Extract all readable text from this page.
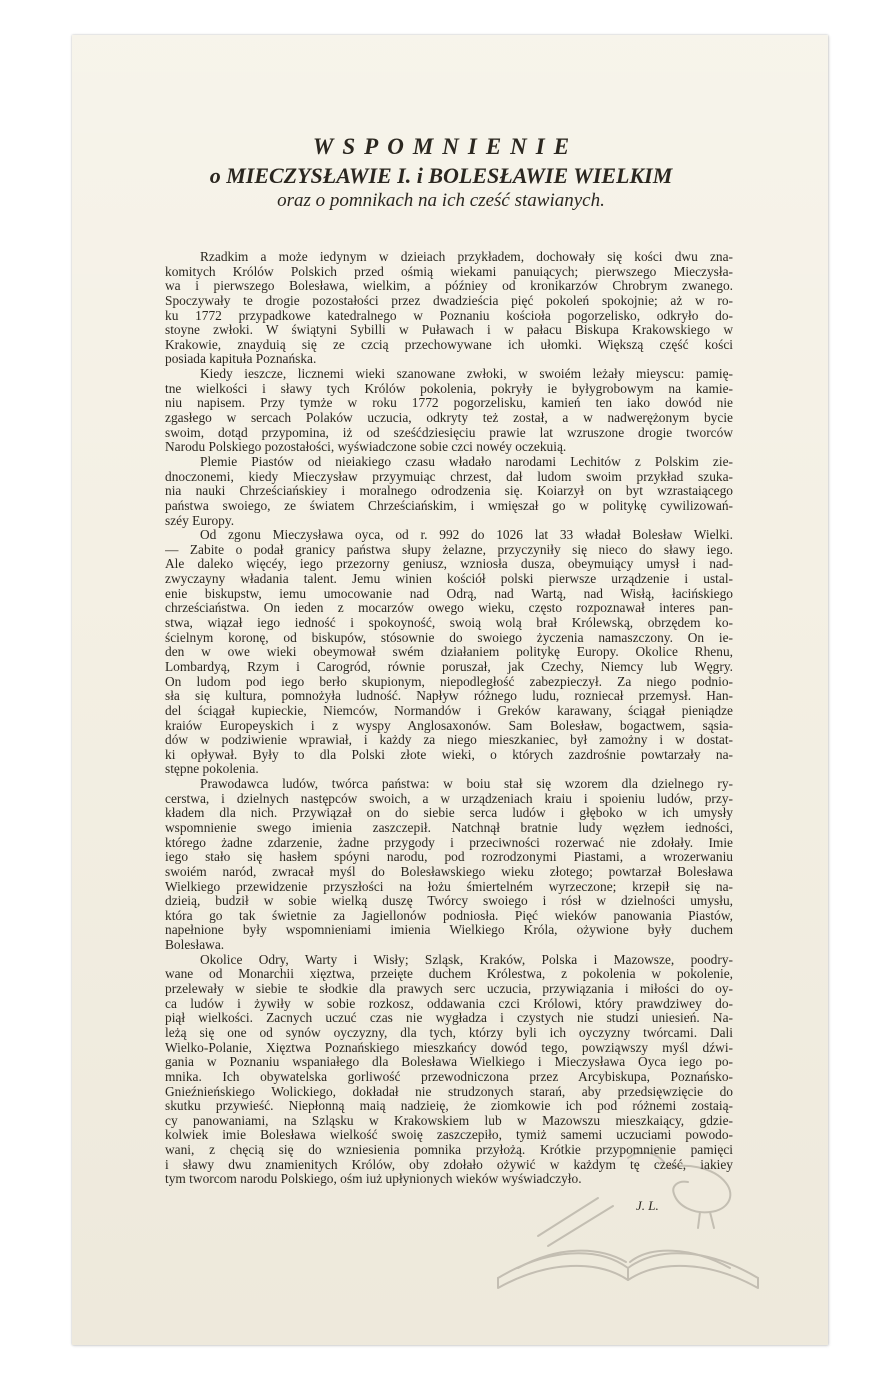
WSPOMNIENIE
o MIECZYSŁAWIE I. i BOLESŁAWIE WIELKIM
oraz o pomnikach na ich cześć stawianych.
Rzadkim a może iedynym w dzieiach przykładem, dochowały się kości dwu zna-
komitych Królów Polskich przed ośmią wiekami panuiących; pierwszego Mieczysła-
wa i pierwszego Bolesława, wielkim, a późniey od kronikarzów Chrobrym zwanego.
Spoczywały te drogie pozostałości przez dwadzieścia pięć pokoleń spokojnie; aż w ro-
ku 1772 przypadkowe katedralnego w Poznaniu kościoła pogorzelisko, odkryło do-
stoyne zwłoki. W świątyni Sybilli w Puławach i w pałacu Biskupa Krakowskiego w
Krakowie, znayduią się ze czcią przechowywane ich ułomki. Większą część kości
posiada kapituła Poznańska.
Kiedy ieszcze, licznemi wieki szanowane zwłoki, w swoiém leżały mieyscu: pamię-
tne wielkości i sławy tych Królów pokolenia, pokryły ie byłygrobowym na kamie-
niu napisem. Przy tymże w roku 1772 pogorzelisku, kamień ten iako dowód nie
zgasłego w sercach Polaków uczucia, odkryty też został, a w nadwerężonym bycie
swoim, dotąd przypomina, iż od sześćdziesięciu prawie lat wzruszone drogie tworców
Narodu Polskiego pozostałości, wyświadczone sobie czci nowéy oczekuią.
Plemie Piastów od nieiakiego czasu władało narodami Lechitów z Polskim zie-
dnoczonemi, kiedy Mieczysław przyymuiąc chrzest, dał ludom swoim przykład szuka-
nia nauki Chrześciańskiey i moralnego odrodzenia się. Koiarzył on byt wzrastaiącego
państwa swoiego, ze światem Chrześciańskim, i wmięszał go w politykę cywilizowań-
széy Europy.
Od zgonu Mieczysława oyca, od r. 992 do 1026 lat 33 władał Bolesław Wielki.
— Zabite o podał granicy państwa słupy żelazne, przyczyniły się nieco do sławy iego.
Ale daleko więcéy, iego przezorny geniusz, wzniosła dusza, obeymuiący umysł i nad-
zwyczayny władania talent. Jemu winien kościół polski pierwsze urządzenie i ustal-
enie biskupstw, iemu umocowanie nad Odrą, nad Wartą, nad Wisłą, łacińskiego
chrześciaństwa. On ieden z mocarzów owego wieku, często rozpoznawał interes pan-
stwa, wiązał iego iedność i spokoyność, swoią wolą brał Królewską, obrzędem ko-
ścielnym koronę, od biskupów, stósownie do swoiego życzenia namaszczony. On ie-
den w owe wieki obeymował swém działaniem politykę Europy. Okolice Rhenu,
Lombardyą, Rzym i Carogród, równie poruszał, jak Czechy, Niemcy lub Węgry.
On ludom pod iego berło skupionym, niepodległość zabezpieczył. Za niego podnio-
sła się kultura, pomnożyła ludność. Napływ różnego ludu, rozniecał przemysł. Han-
del ściągał kupieckie, Niemców, Normandów i Greków karawany, ściągał pieniądze
kraiów Europeyskich i z wyspy Anglosaxonów. Sam Bolesław, bogactwem, sąsia-
dów w podziwienie wprawiał, i każdy za niego mieszkaniec, był zamożny i w dostat-
ki opływał. Były to dla Polski złote wieki, o których zazdrośnie powtarzały na-
stępne pokolenia.
Prawodawca ludów, twórca państwa: w boiu stał się wzorem dla dzielnego ry-
cerstwa, i dzielnych następców swoich, a w urządzeniach kraiu i spoieniu ludów, przy-
kładem dla nich. Przywiązał on do siebie serca ludów i głęboko w ich umysły
wspomnienie swego imienia zaszczepił. Natchnął bratnie ludy węzłem iedności,
którego żadne zdarzenie, żadne przygody i przeciwności rozerwać nie zdołały. Imie
iego stało się hasłem spóyni narodu, pod rozrodzonymi Piastami, a wrozerwaniu
swoiém naród, zwracał myśl do Bolesławskiego wieku złotego; powtarzał Bolesława
Wielkiego przewidzenie przyszłości na łożu śmiertelném wyrzeczone; krzepił się na-
dzieią, budził w sobie wielką duszę Twórcy swoiego i rósł w dzielności umysłu,
która go tak świetnie za Jagiellonów podniosła. Pięć wieków panowania Piastów,
napełnione były wspomnieniami imienia Wielkiego Króla, ożywione były duchem
Bolesława.
Okolice Odry, Warty i Wisły; Szląsk, Kraków, Polska i Mazowsze, poodry-
wane od Monarchii xięztwa, przeięte duchem Królestwa, z pokolenia w pokolenie,
przelewały w siebie te słodkie dla prawych serc uczucia, przywiązania i miłości do oy-
ca ludów i żywiły w sobie rozkosz, oddawania czci Królowi, który prawdziwey do-
piął wielkości. Zacnych uczuć czas nie wygładza i czystych nie studzi uniesień. Na-
leżą się one od synów oyczyzny, dla tych, którzy byli ich oyczyzny twórcami. Dali
Wielko-Polanie, Xięztwa Poznańskiego mieszkańcy dowód tego, powziąwszy myśl dźwi-
gania w Poznaniu wspaniałego dla Bolesława Wielkiego i Mieczysława Oyca iego po-
mnika. Ich obywatelska gorliwość przewodniczona przez Arcybiskupa, Poznańsko-
Gnieźnieńskiego Wolickiego, dokładał nie strudzonych starań, aby przedsięwzięcie do
skutku przywieść. Niepłonną maią nadzieię, że ziomkowie ich pod różnemi zostaią-
cy panowaniami, na Szląsku w Krakowskiem lub w Mazowszu mieszkaiący, gdzie-
kolwiek imie Bolesława wielkość swoię zaszczepiło, tymiż samemi uczuciami powodo-
wani, z chęcią się do wzniesienia pomnika przyłożą. Krótkie przypomnienie pamięci
i sławy dwu znamienitych Królów, oby zdołało ożywić w każdym tę cześć, iakiey
tym tworcom narodu Polskiego, ośm iuż upłynionych wieków wyświadczyło.
J. L.
